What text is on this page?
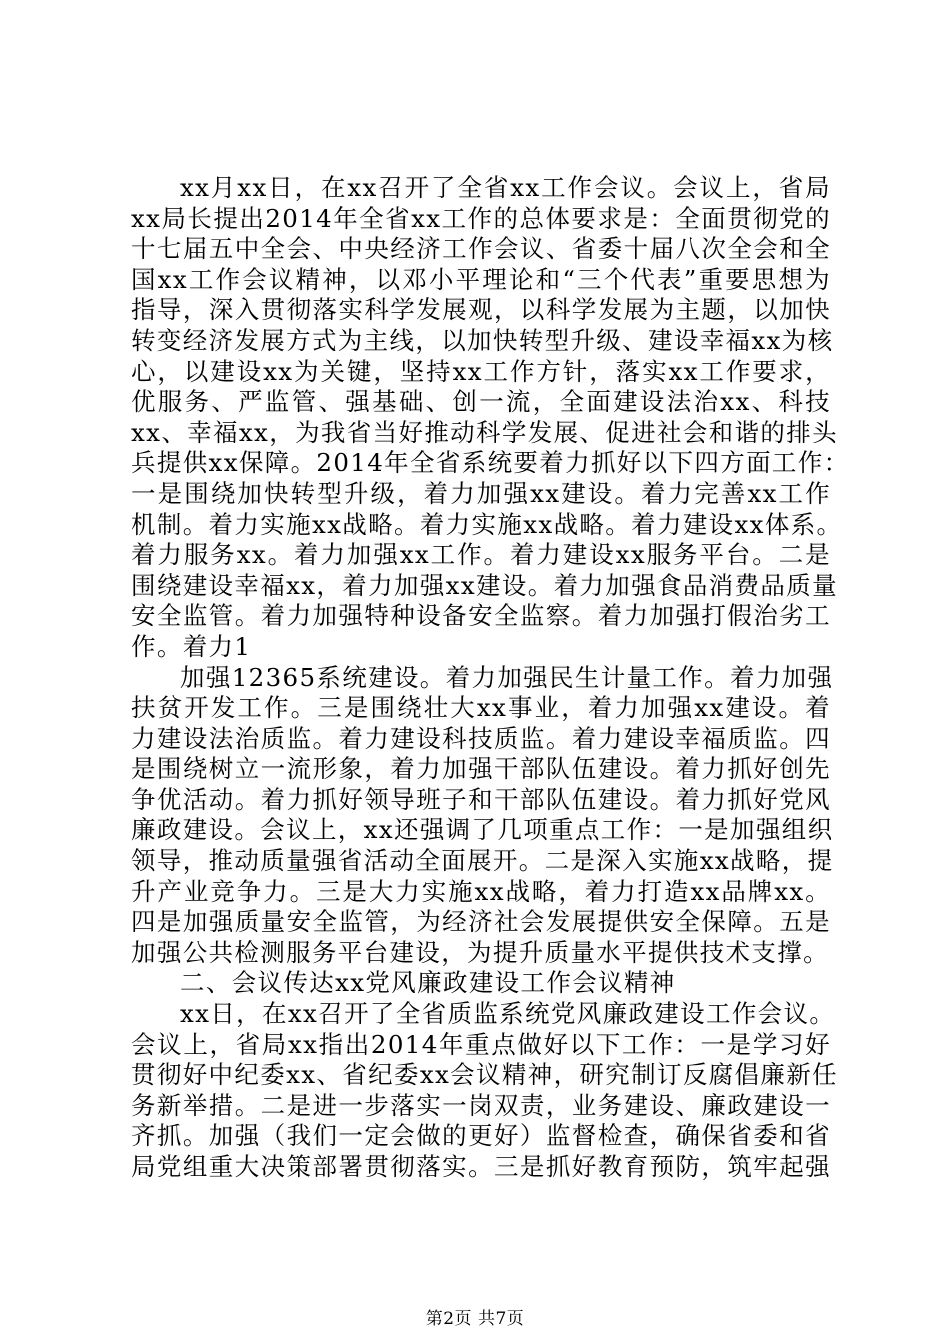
xx月xx日，在xx召开了全省xx工作会议。会议上，省局
xx局长提出2014年全省xx工作的总体要求是：全面贯彻党的
十七届五中全会、中央经济工作会议、省委十届八次全会和全
国xx工作会议精神，以邓小平理论和“三个代表”重要思想为
指导，深入贯彻落实科学发展观，以科学发展为主题，以加快
转变经济发展方式为主线，以加快转型升级、建设幸福xx为核
心，以建设xx为关键，坚持xx工作方针，落实xx工作要求，
优服务、严监管、强基础、创一流，全面建设法治xx、科技
xx、幸福xx，为我省当好推动科学发展、促进社会和谐的排头
兵提供xx保障。2014年全省系统要着力抓好以下四方面工作：
一是围绕加快转型升级，着力加强xx建设。着力完善xx工作
机制。着力实施xx战略。着力实施xx战略。着力建设xx体系。
着力服务xx。着力加强xx工作。着力建设xx服务平台。二是
围绕建设幸福xx，着力加强xx建设。着力加强食品消费品质量
安全监管。着力加强特种设备安全监察。着力加强打假治劣工
作。着力1
加强12365系统建设。着力加强民生计量工作。着力加强
扶贫开发工作。三是围绕壮大xx事业，着力加强xx建设。着
力建设法治质监。着力建设科技质监。着力建设幸福质监。四
是围绕树立一流形象，着力加强干部队伍建设。着力抓好创先
争优活动。着力抓好领导班子和干部队伍建设。着力抓好党风
廉政建设。会议上，xx还强调了几项重点工作：一是加强组织
领导，推动质量强省活动全面展开。二是深入实施xx战略，提
升产业竞争力。三是大力实施xx战略，着力打造xx品牌xx。
四是加强质量安全监管，为经济社会发展提供安全保障。五是
加强公共检测服务平台建设，为提升质量水平提供技术支撑。
二、会议传达xx党风廉政建设工作会议精神
xx日，在xx召开了全省质监系统党风廉政建设工作会议。
会议上，省局xx指出2014年重点做好以下工作：一是学习好
贯彻好中纪委xx、省纪委xx会议精神，研究制订反腐倡廉新任
务新举措。二是进一步落实一岗双责，业务建设、廉政建设一
齐抓。加强（我们一定会做的更好）监督检查，确保省委和省
局党组重大决策部署贯彻落实。三是抓好教育预防，筑牢起强
第2页 共7页
